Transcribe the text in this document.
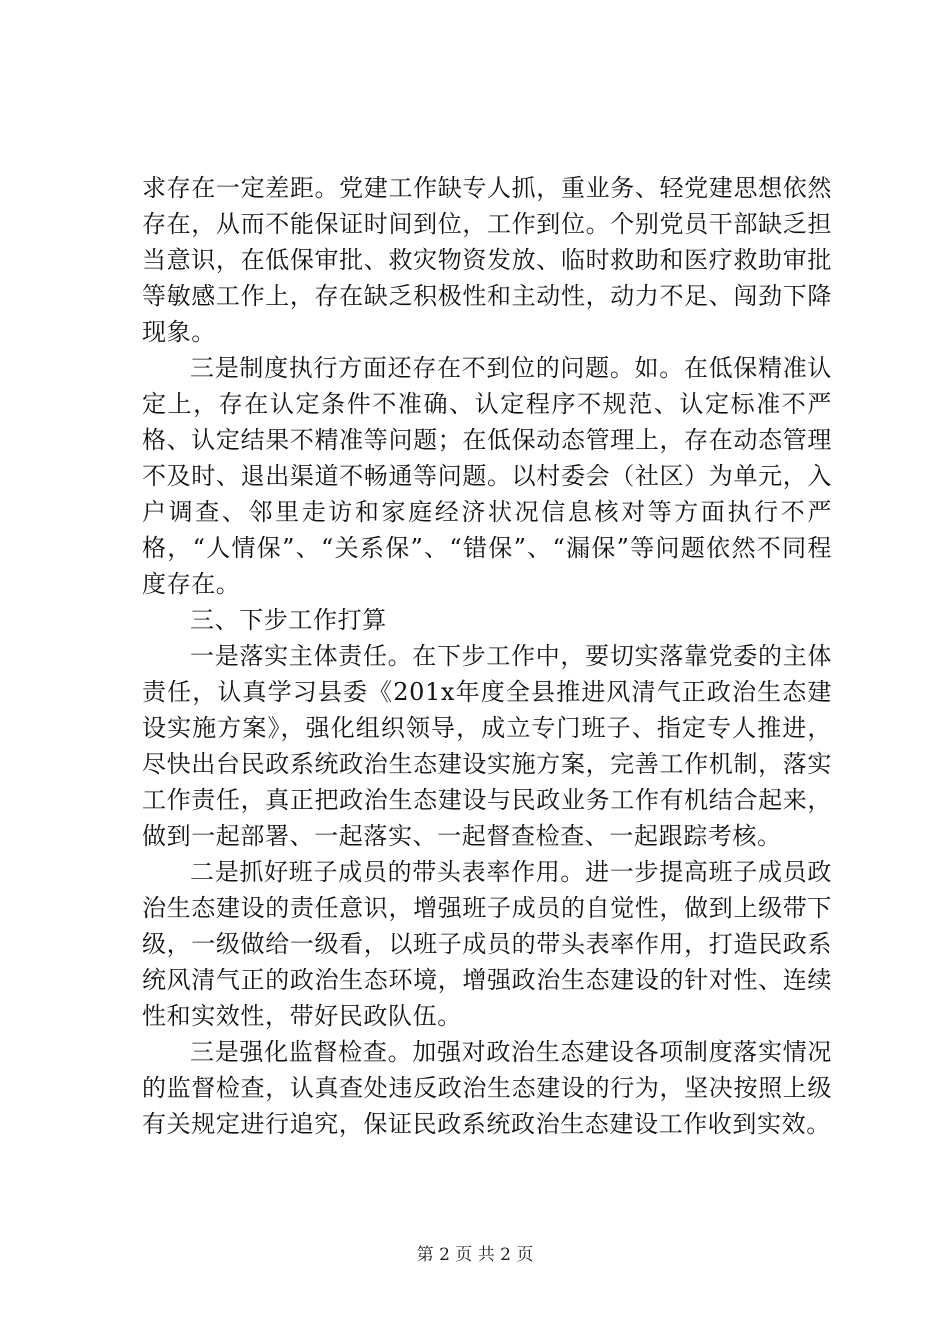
求存在一定差距。党建工作缺专人抓，重业务、轻党建思想依然存在，从而不能保证时间到位，工作到位。个别党员干部缺乏担当意识，在低保审批、救灾物资发放、临时救助和医疗救助审批等敏感工作上，存在缺乏积极性和主动性，动力不足、闯劲下降现象。

三是制度执行方面还存在不到位的问题。如。在低保精准认定上，存在认定条件不准确、认定程序不规范、认定标准不严格、认定结果不精准等问题；在低保动态管理上，存在动态管理不及时、退出渠道不畅通等问题。以村委会（社区）为单元，入户调查、邻里走访和家庭经济状况信息核对等方面执行不严格，“人情保”、“关系保”、“错保”、“漏保”等问题依然不同程度存在。

三、下步工作打算

一是落实主体责任。在下步工作中，要切实落靠党委的主体责任，认真学习县委《201x年度全县推进风清气正政治生态建设实施方案》，强化组织领导，成立专门班子、指定专人推进，尽快出台民政系统政治生态建设实施方案，完善工作机制，落实工作责任，真正把政治生态建设与民政业务工作有机结合起来，做到一起部署、一起落实、一起督查检查、一起跟踪考核。

二是抓好班子成员的带头表率作用。进一步提高班子成员政治生态建设的责任意识，增强班子成员的自觉性，做到上级带下级，一级做给一级看，以班子成员的带头表率作用，打造民政系统风清气正的政治生态环境，增强政治生态建设的针对性、连续性和实效性，带好民政队伍。

三是强化监督检查。加强对政治生态建设各项制度落实情况的监督检查，认真查处违反政治生态建设的行为，坚决按照上级有关规定进行追究，保证民政系统政治生态建设工作收到实效。

第 2 页 共 2 页
